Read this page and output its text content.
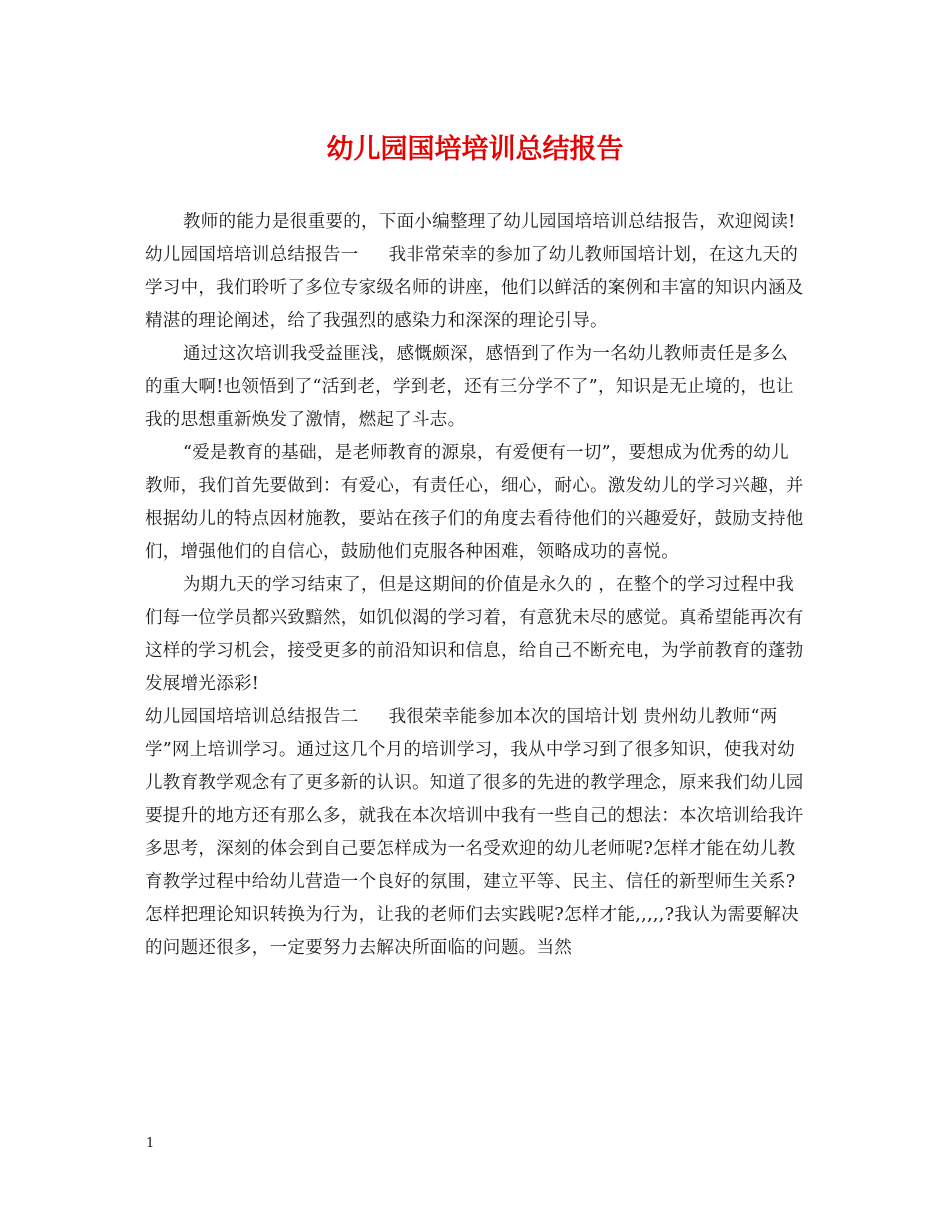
幼儿园国培培训总结报告

教师的能力是很重要的，下面小编整理了幼儿园国培培训总结报告，欢迎阅读!

幼儿园国培培训总结报告一 我非常荣幸的参加了幼儿教师国培计划，在这九天的学习中，我们聆听了多位专家级名师的讲座，他们以鲜活的案例和丰富的知识内涵及精湛的理论阐述，给了我强烈的感染力和深深的理论引导。

通过这次培训我受益匪浅，感慨颇深，感悟到了作为一名幼儿教师责任是多么的重大啊!也领悟到了“活到老，学到老，还有三分学不了”，知识是无止境的，也让我的思想重新焕发了激情，燃起了斗志。

“爱是教育的基础，是老师教育的源泉，有爱便有一切”，要想成为优秀的幼儿教师，我们首先要做到：有爱心，有责任心，细心，耐心。激发幼儿的学习兴趣，并根据幼儿的特点因材施教，要站在孩子们的角度去看待他们的兴趣爱好，鼓励支持他们，增强他们的自信心，鼓励他们克服各种困难，领略成功的喜悦。

为期九天的学习结束了，但是这期间的价值是永久的 ，在整个的学习过程中我们每一位学员都兴致黯然，如饥似渴的学习着，有意犹未尽的感觉。真希望能再次有这样的学习机会，接受更多的前沿知识和信息，给自己不断充电，为学前教育的蓬勃发展增光添彩!

幼儿园国培培训总结报告二 我很荣幸能参加本次的国培计划 贵州幼儿教师“两学”网上培训学习。通过这几个月的培训学习，我从中学习到了很多知识，使我对幼儿教育教学观念有了更多新的认识。知道了很多的先进的教学理念，原来我们幼儿园要提升的地方还有那么多，就我在本次培训中我有一些自己的想法：本次培训给我许多思考，深刻的体会到自己要怎样成为一名受欢迎的幼儿老师呢?怎样才能在幼儿教育教学过程中给幼儿营造一个良好的氛围，建立平等、民主、信任的新型师生关系?怎样把理论知识转换为行为，让我的老师们去实践呢?怎样才能,,,,,?我认为需要解决的问题还很多，一定要努力去解决所面临的问题。当然

1
